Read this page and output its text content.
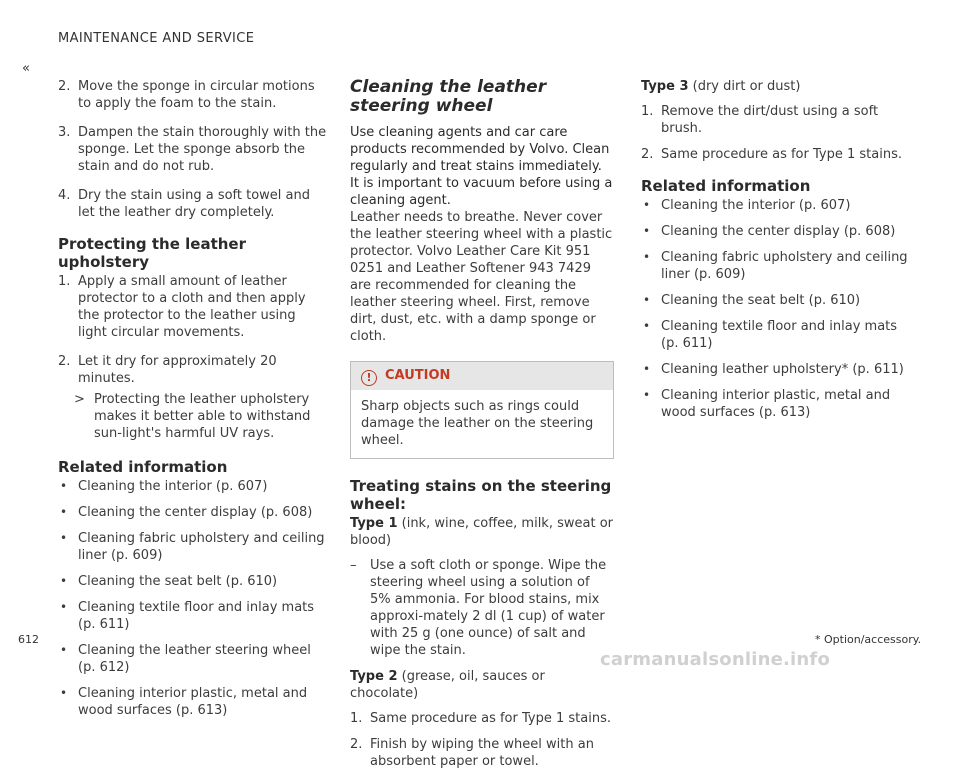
MAINTENANCE AND SERVICE
«
2. Move the sponge in circular motions to apply the foam to the stain.
3. Dampen the stain thoroughly with the sponge. Let the sponge absorb the stain and do not rub.
4. Dry the stain using a soft towel and let the leather dry completely.
Protecting the leather upholstery
1. Apply a small amount of leather protector to a cloth and then apply the protector to the leather using light circular movements.
2. Let it dry for approximately 20 minutes.
> Protecting the leather upholstery makes it better able to withstand sun-light's harmful UV rays.
Related information
• Cleaning the interior (p. 607)
• Cleaning the center display (p. 608)
• Cleaning fabric upholstery and ceiling liner (p. 609)
• Cleaning the seat belt (p. 610)
• Cleaning textile floor and inlay mats (p. 611)
• Cleaning the leather steering wheel (p. 612)
• Cleaning interior plastic, metal and wood surfaces (p. 613)
Cleaning the leather steering wheel
Use cleaning agents and car care products recommended by Volvo. Clean regularly and treat stains immediately. It is important to vacuum before using a cleaning agent.

Leather needs to breathe. Never cover the leather steering wheel with a plastic protector. Volvo Leather Care Kit 951 0251 and Leather Softener 943 7429 are recommended for cleaning the leather steering wheel. First, remove dirt, dust, etc. with a damp sponge or cloth.

! CAUTION
Sharp objects such as rings could damage the leather on the steering wheel.
Treating stains on the steering wheel:
Type 1 (ink, wine, coffee, milk, sweat or blood)
– Use a soft cloth or sponge. Wipe the steering wheel using a solution of 5% ammonia. For blood stains, mix approxi-mately 2 dl (1 cup) of water with 25 g (one ounce) of salt and wipe the stain.
Type 2 (grease, oil, sauces or chocolate)
1. Same procedure as for Type 1 stains.
2. Finish by wiping the wheel with an absorbent paper or towel.
Type 3 (dry dirt or dust)
1. Remove the dirt/dust using a soft brush.
2. Same procedure as for Type 1 stains.
Related information
• Cleaning the interior (p. 607)
• Cleaning the center display (p. 608)
• Cleaning fabric upholstery and ceiling liner (p. 609)
• Cleaning the seat belt (p. 610)
• Cleaning textile floor and inlay mats (p. 611)
• Cleaning leather upholstery* (p. 611)
• Cleaning interior plastic, metal and wood surfaces (p. 613)
612	* Option/accessory.
carmanualsonline.info
